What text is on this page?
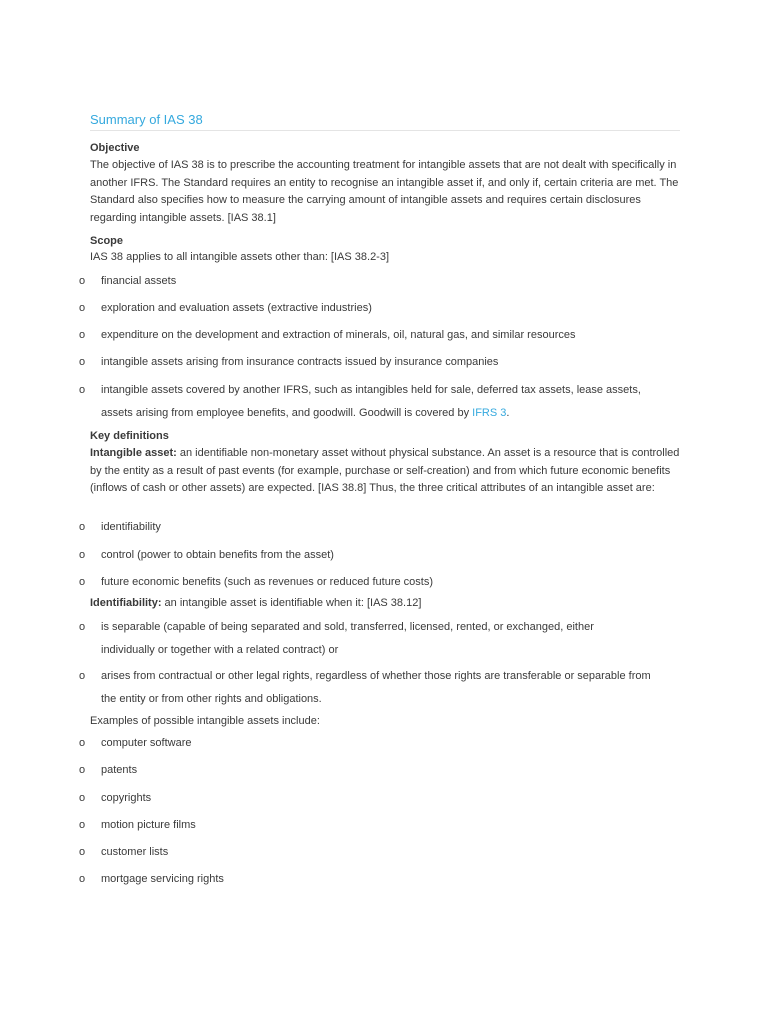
Summary of IAS 38
Objective
The objective of IAS 38 is to prescribe the accounting treatment for intangible assets that are not dealt with specifically in another IFRS. The Standard requires an entity to recognise an intangible asset if, and only if, certain criteria are met. The Standard also specifies how to measure the carrying amount of intangible assets and requires certain disclosures regarding intangible assets. [IAS 38.1]
Scope
IAS 38 applies to all intangible assets other than: [IAS 38.2-3]
o financial assets
o exploration and evaluation assets (extractive industries)
o expenditure on the development and extraction of minerals, oil, natural gas, and similar resources
o intangible assets arising from insurance contracts issued by insurance companies
o intangible assets covered by another IFRS, such as intangibles held for sale, deferred tax assets, lease assets, assets arising from employee benefits, and goodwill. Goodwill is covered by IFRS 3.
Key definitions
Intangible asset: an identifiable non-monetary asset without physical substance. An asset is a resource that is controlled by the entity as a result of past events (for example, purchase or self-creation) and from which future economic benefits (inflows of cash or other assets) are expected. [IAS 38.8] Thus, the three critical attributes of an intangible asset are:
o identifiability
o control (power to obtain benefits from the asset)
o future economic benefits (such as revenues or reduced future costs)
Identifiability: an intangible asset is identifiable when it: [IAS 38.12]
o is separable (capable of being separated and sold, transferred, licensed, rented, or exchanged, either individually or together with a related contract) or
o arises from contractual or other legal rights, regardless of whether those rights are transferable or separable from the entity or from other rights and obligations.
Examples of possible intangible assets include:
o computer software
o patents
o copyrights
o motion picture films
o customer lists
o mortgage servicing rights
